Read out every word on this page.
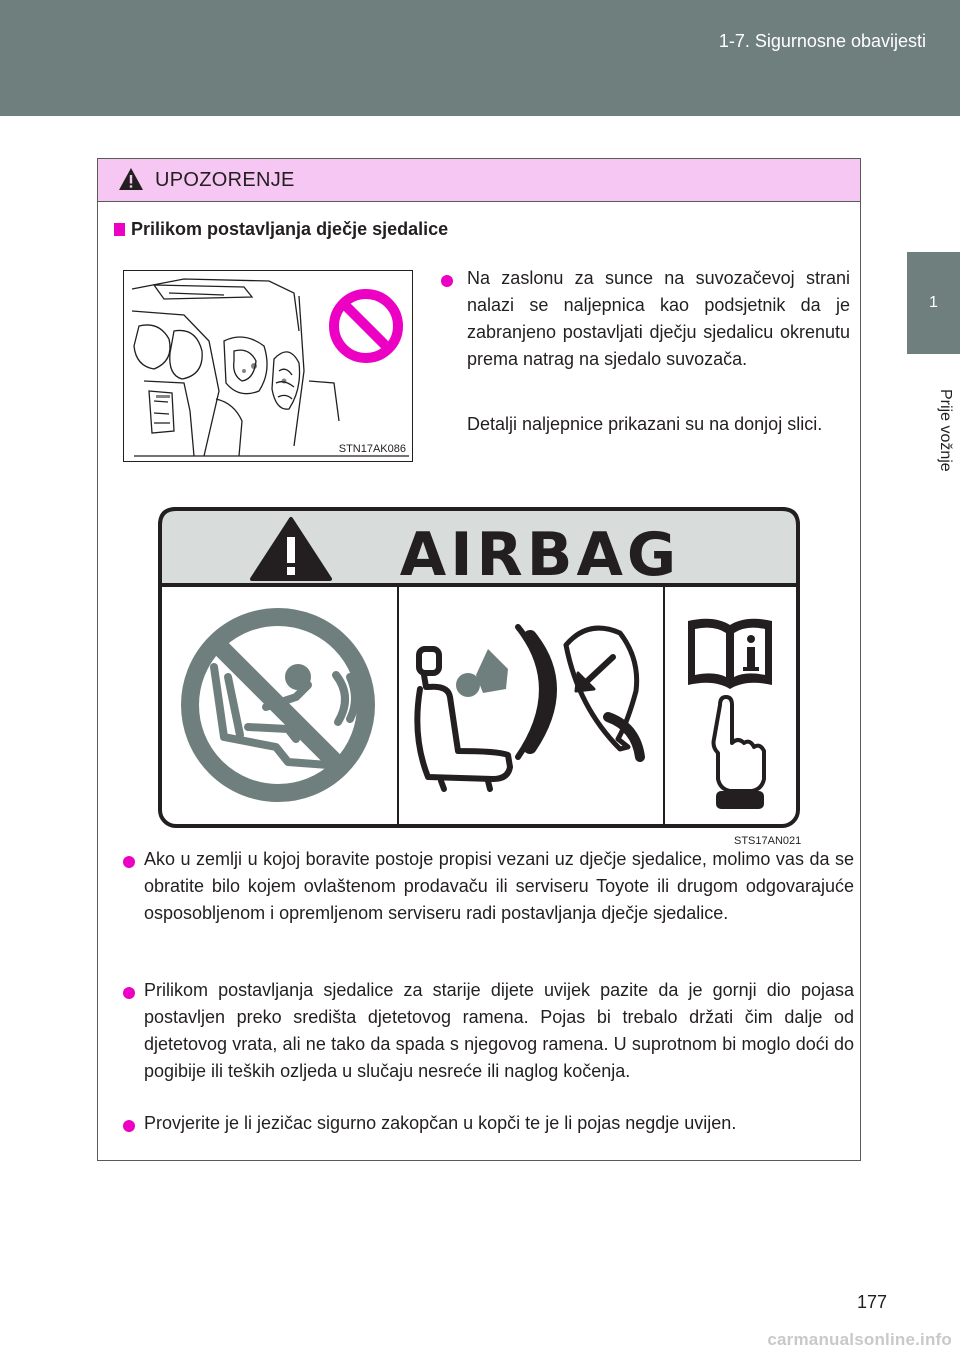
1-7. Sigurnosne obavijesti
1
Prije vožnje
UPOZORENJE
Prilikom postavljanja dječje sjedalice
STN17AK086
Na zaslonu za sunce na suvozačevoj strani nalazi se naljepnica kao podsjetnik da je zabranjeno postavljati dječju sjedalicu okrenutu prema natrag na sjedalo suvozača.
Detalji naljepnice prikazani su na donjoj slici.
AIRBAG
STS17AN021
Ako u zemlji u kojoj boravite postoje propisi vezani uz dječje sjedalice, molimo vas da se obratite bilo kojem ovlaštenom prodavaču ili serviseru Toyote ili drugom odgovarajuće osposobljenom i opremljenom serviseru radi postavljanja dječje sjedalice.
Prilikom postavljanja sjedalice za starije dijete uvijek pazite da je gornji dio pojasa postavljen preko središta djetetovog ramena. Pojas bi trebalo držati čim dalje od djetetovog vrata, ali ne tako da spada s njegovog ramena. U suprotnom bi moglo doći do pogibije ili teških ozljeda u slučaju nesreće ili naglog kočenja.
Provjerite je li jezičac sigurno zakopčan u kopči te je li pojas negdje uvijen.
177
carmanualsonline.info
